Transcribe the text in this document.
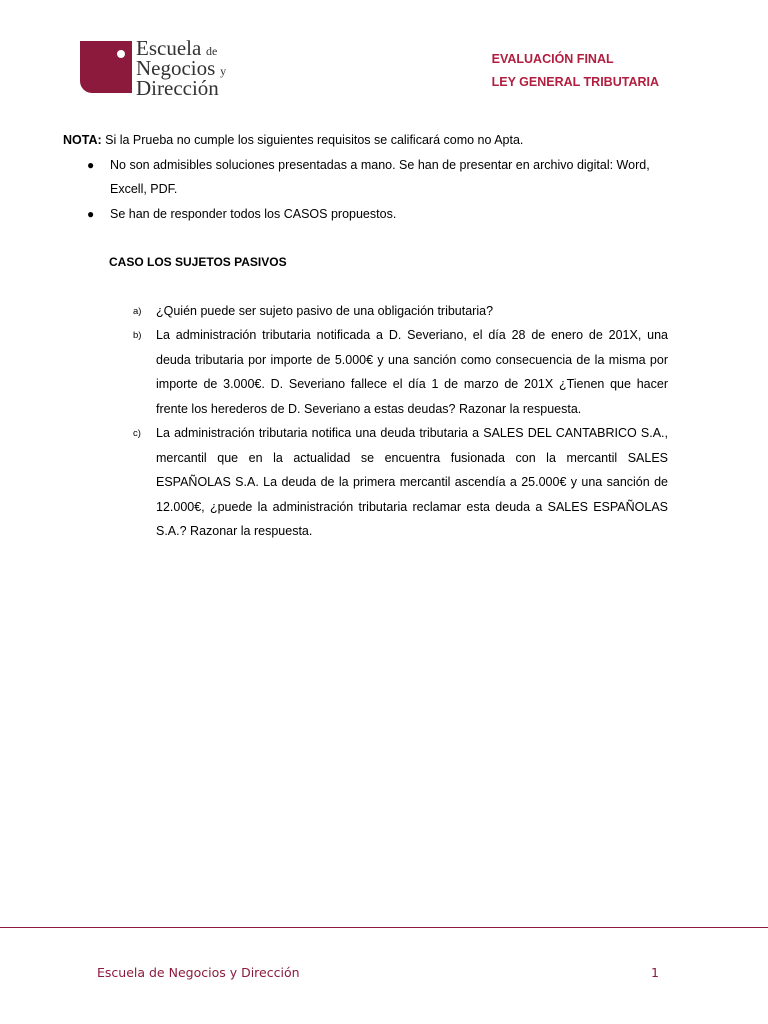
Escuela de
Negocios y
Dirección
EVALUACIÓN FINAL
LEY GENERAL TRIBUTARIA
NOTA: Si la Prueba no cumple los siguientes requisitos se calificará como no Apta.
● No son admisibles soluciones presentadas a mano. Se han de presentar en archivo digital: Word, Excell, PDF.
● Se han de responder todos los CASOS propuestos.
CASO LOS SUJETOS PASIVOS
a) ¿Quién puede ser sujeto pasivo de una obligación tributaria?
b) La administración tributaria notificada a D. Severiano, el día 28 de enero de 201X, una deuda tributaria por importe de 5.000€ y una sanción como consecuencia de la misma por importe de 3.000€. D. Severiano fallece el día 1 de marzo de 201X ¿Tienen que hacer frente los herederos de D. Severiano a estas deudas? Razonar la respuesta.
c) La administración tributaria notifica una deuda tributaria a SALES DEL CANTABRICO S.A., mercantil que en la actualidad se encuentra fusionada con la mercantil SALES ESPAÑOLAS S.A. La deuda de la primera mercantil ascendía a 25.000€ y una sanción de 12.000€, ¿puede la administración tributaria reclamar esta deuda a SALES ESPAÑOLAS S.A.? Razonar la respuesta.
Escuela de Negocios y Dirección	1
